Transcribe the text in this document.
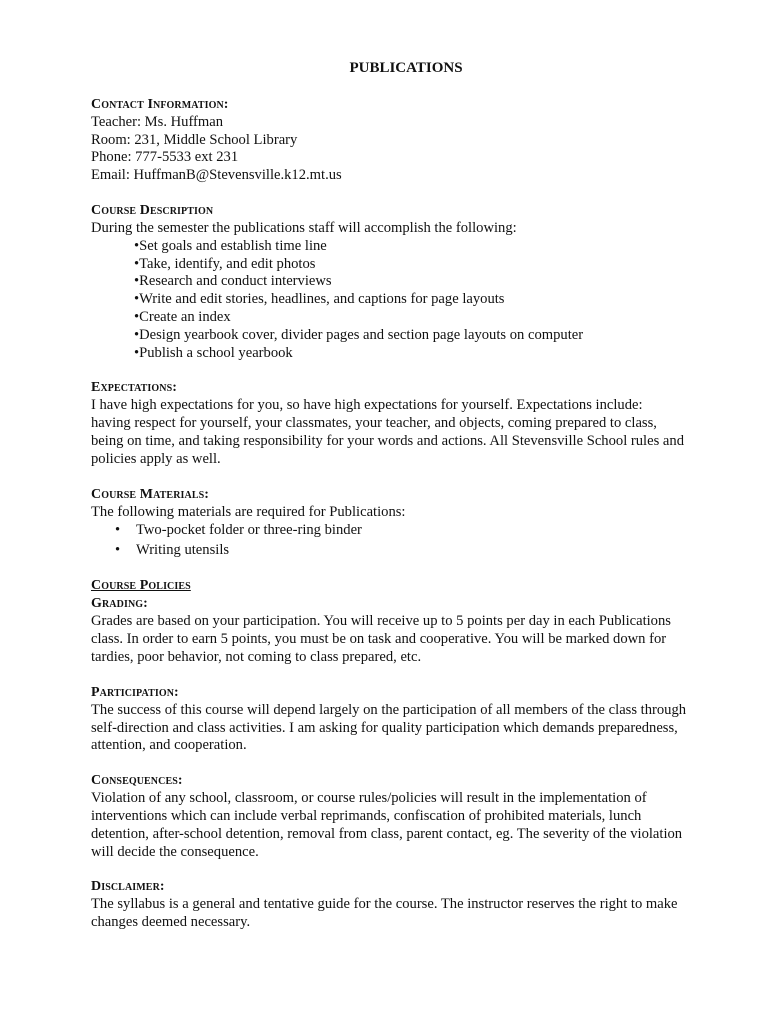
PUBLICATIONS
Contact Information:
Teacher: Ms. Huffman
Room: 231, Middle School Library
Phone: 777-5533 ext 231
Email: HuffmanB@Stevensville.k12.mt.us
Course Description
During the semester the publications staff will accomplish the following:
• Set goals and establish time line
• Take, identify, and edit photos
• Research and conduct interviews
• Write and edit stories, headlines, and captions for page layouts
• Create an index
• Design yearbook cover, divider pages and section page layouts on computer
• Publish a school yearbook
Expectations:
I have high expectations for you, so have high expectations for yourself. Expectations include:
having respect for yourself, your classmates, your teacher, and objects, coming prepared to class,
being on time, and taking responsibility for your words and actions. All Stevensville School rules and
policies apply as well.
Course Materials:
The following materials are required for Publications:
• Two-pocket folder or three-ring binder
• Writing utensils
Course Policies
Grading:
Grades are based on your participation. You will receive up to 5 points per day in each Publications
class. In order to earn 5 points, you must be on task and cooperative. You will be marked down for
tardies, poor behavior, not coming to class prepared, etc.
Participation:
The success of this course will depend largely on the participation of all members of the class through
self-direction and class activities. I am asking for quality participation which demands preparedness,
attention, and cooperation.
Consequences:
Violation of any school, classroom, or course rules/policies will result in the implementation of
interventions which can include verbal reprimands, confiscation of prohibited materials, lunch
detention, after-school detention, removal from class, parent contact, eg. The severity of the violation
will decide the consequence.
Disclaimer:
The syllabus is a general and tentative guide for the course. The instructor reserves the right to make
changes deemed necessary.
